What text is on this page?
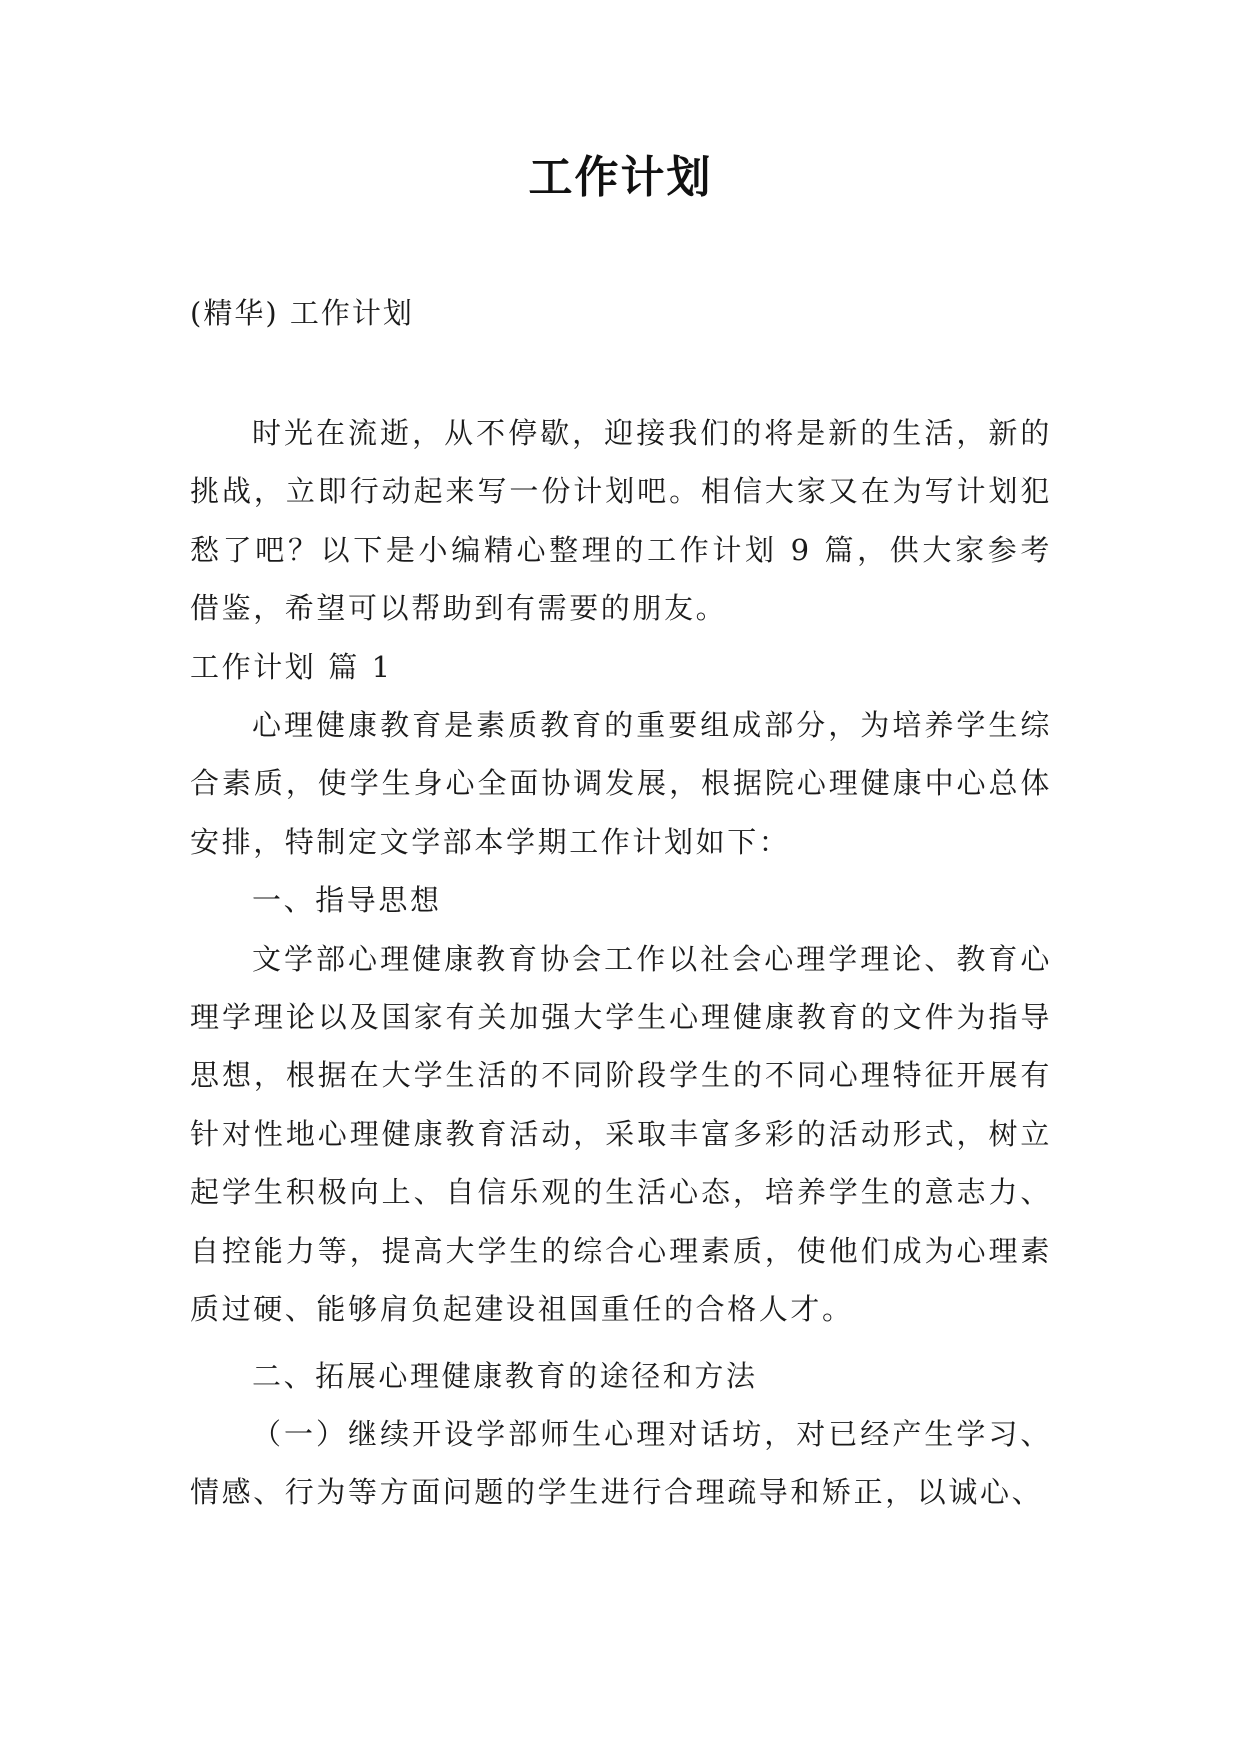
工作计划
(精华) 工作计划

时光在流逝，从不停歇，迎接我们的将是新的生活，新的挑战，立即行动起来写一份计划吧。相信大家又在为写计划犯愁了吧？以下是小编精心整理的工作计划 9 篇，供大家参考借鉴，希望可以帮助到有需要的朋友。

工作计划 篇 1

心理健康教育是素质教育的重要组成部分，为培养学生综合素质，使学生身心全面协调发展，根据院心理健康中心总体安排，特制定文学部本学期工作计划如下：

一、指导思想

文学部心理健康教育协会工作以社会心理学理论、教育心理学理论以及国家有关加强大学生心理健康教育的文件为指导思想，根据在大学生活的不同阶段学生的不同心理特征开展有针对性地心理健康教育活动，采取丰富多彩的活动形式，树立起学生积极向上、自信乐观的生活心态，培养学生的意志力、自控能力等，提高大学生的综合心理素质，使他们成为心理素质过硬、能够肩负起建设祖国重任的合格人才。

二、拓展心理健康教育的途径和方法

（一）继续开设学部师生心理对话坊，对已经产生学习、情感、行为等方面问题的学生进行合理疏导和矫正，以诚心、
